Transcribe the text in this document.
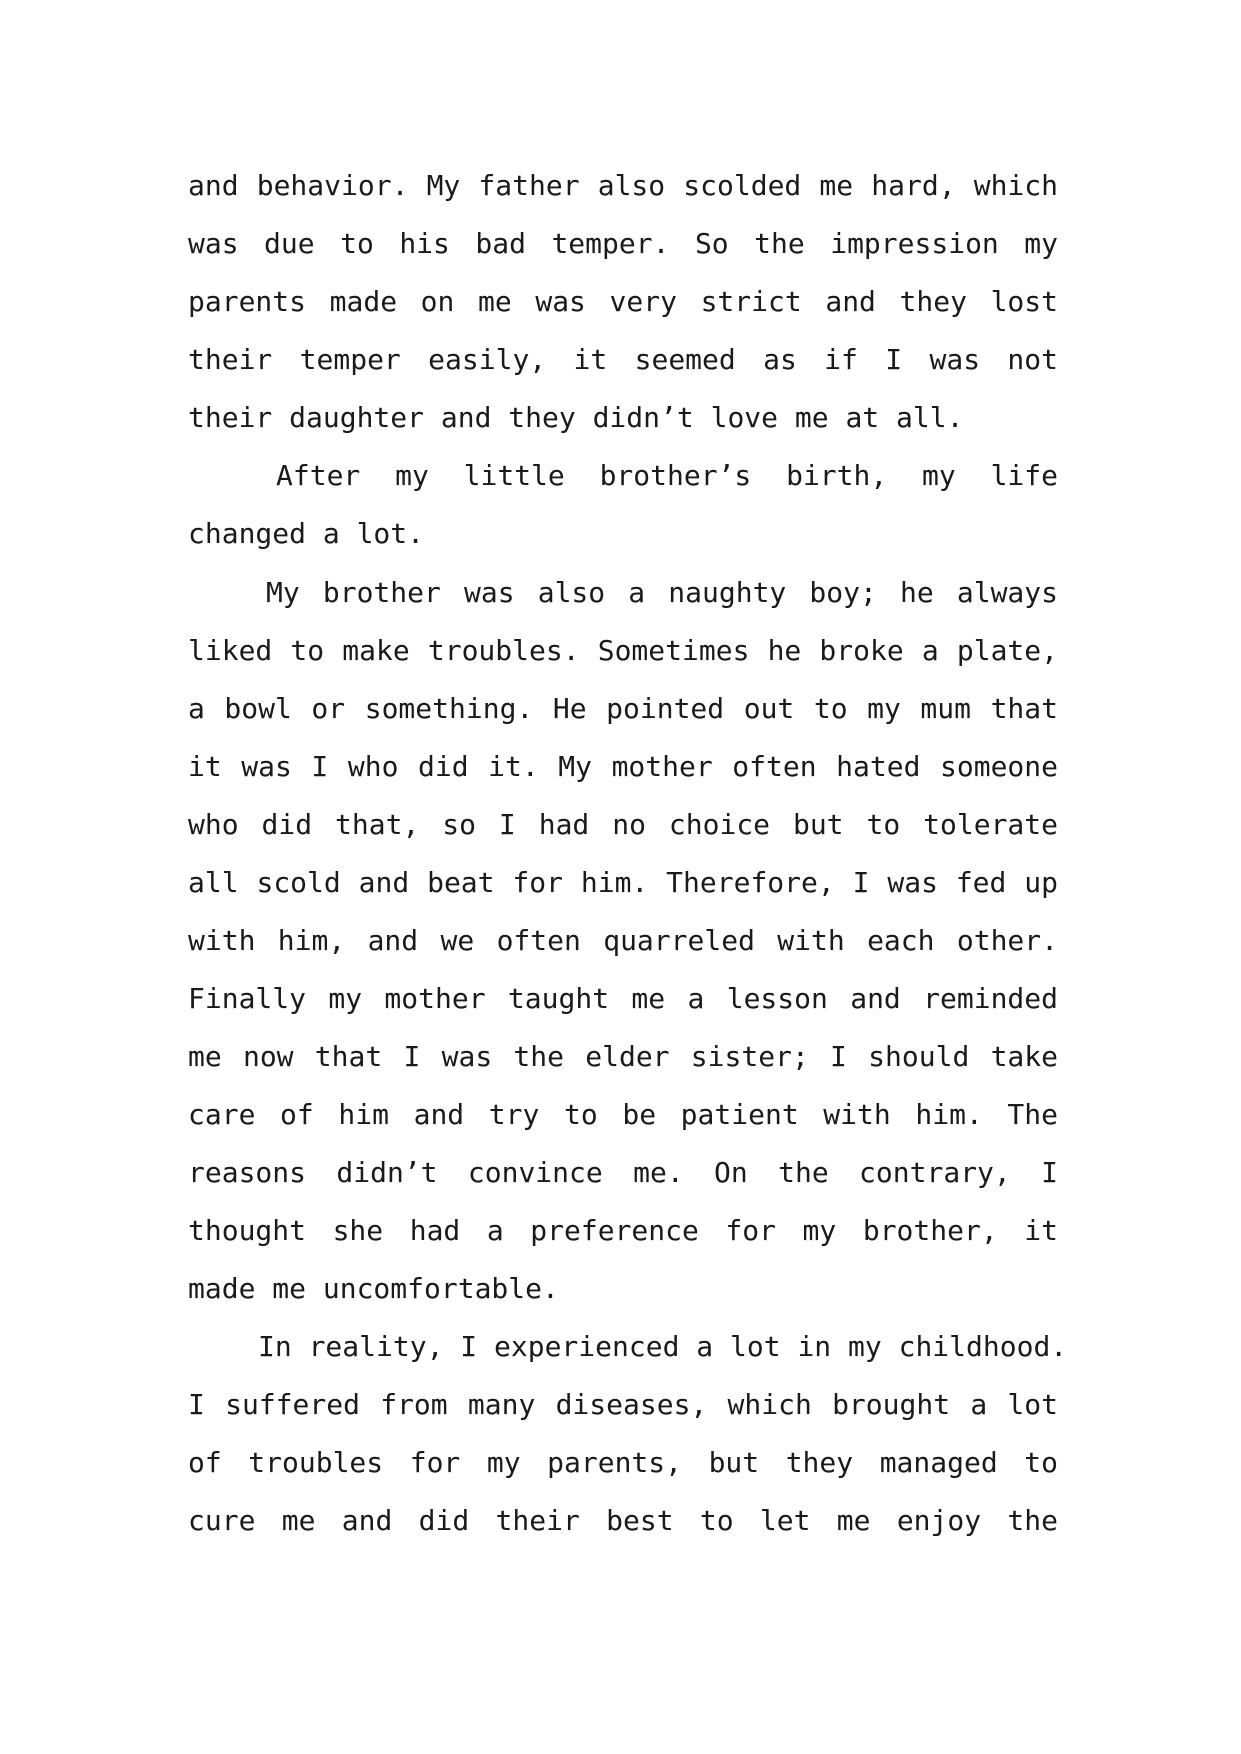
and behavior. My father also scolded me hard, which
was due to his bad temper. So the impression my
parents made on me was very strict and they lost
their temper easily, it seemed as if I was not
their daughter and they didn’t love me at all.
After my little brother’s birth, my life
changed a lot.
My brother was also a naughty boy; he always
liked to make troubles. Sometimes he broke a plate,
a bowl or something. He pointed out to my mum that
it was I who did it. My mother often hated someone
who did that, so I had no choice but to tolerate
all scold and beat for him. Therefore, I was fed up
with him, and we often quarreled with each other.
Finally my mother taught me a lesson and reminded
me now that I was the elder sister; I should take
care of him and try to be patient with him. The
reasons didn’t convince me. On the contrary, I
thought she had a preference for my brother, it
made me uncomfortable.
In reality, I experienced a lot in my childhood.
I suffered from many diseases, which brought a lot
of troubles for my parents, but they managed to
cure me and did their best to let me enjoy the
